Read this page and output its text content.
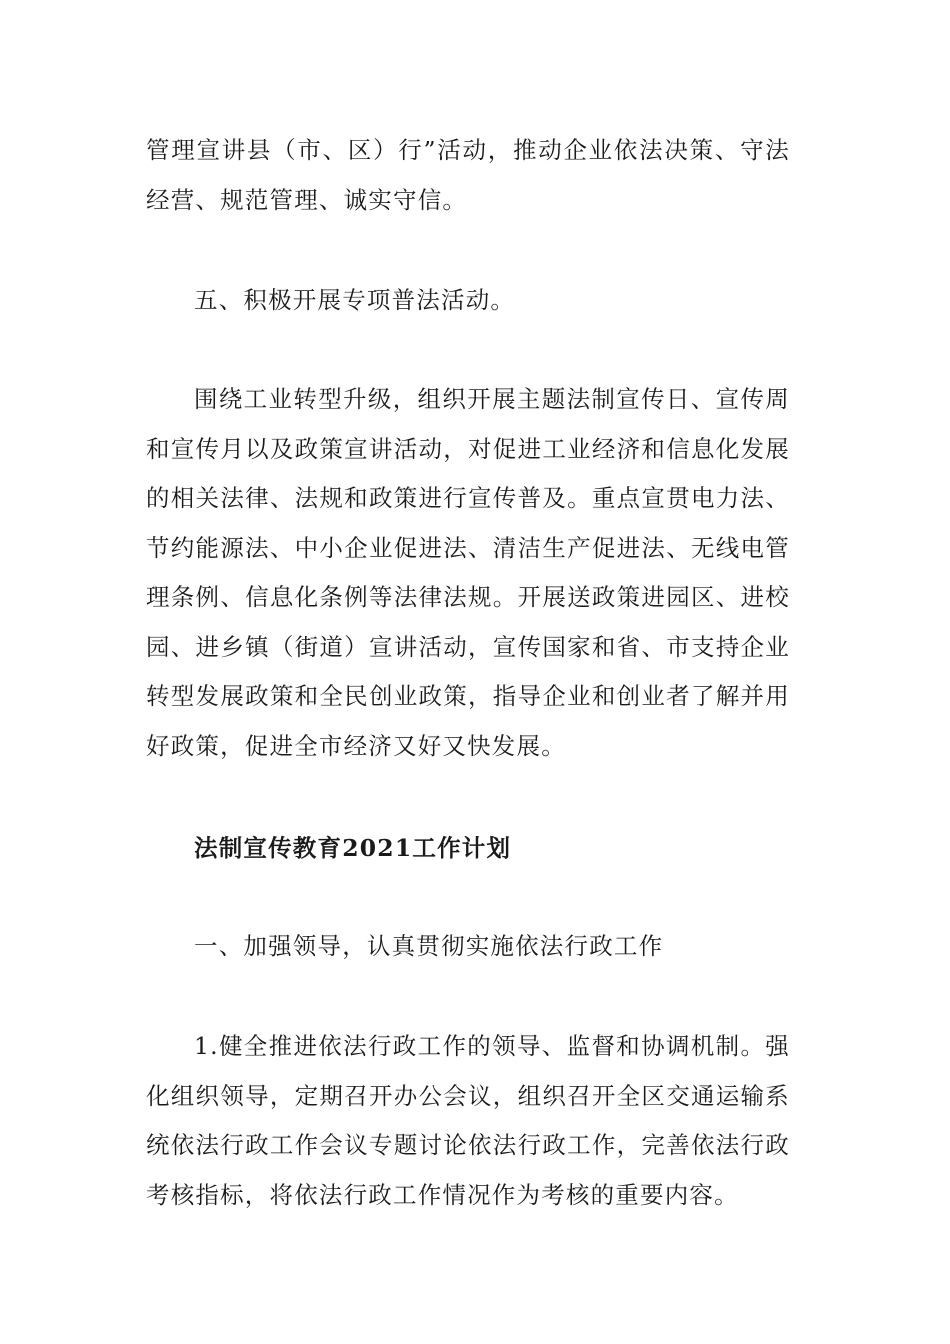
管理宣讲县（市、区）行”活动，推动企业依法决策、守法经营、规范管理、诚实守信。

五、积极开展专项普法活动。

围绕工业转型升级，组织开展主题法制宣传日、宣传周和宣传月以及政策宣讲活动，对促进工业经济和信息化发展的相关法律、法规和政策进行宣传普及。重点宣贯电力法、节约能源法、中小企业促进法、清洁生产促进法、无线电管理条例、信息化条例等法律法规。开展送政策进园区、进校园、进乡镇（街道）宣讲活动，宣传国家和省、市支持企业转型发展政策和全民创业政策，指导企业和创业者了解并用好政策，促进全市经济又好又快发展。

法制宣传教育2021工作计划

一、加强领导，认真贯彻实施依法行政工作

1.健全推进依法行政工作的领导、监督和协调机制。强化组织领导，定期召开办公会议，组织召开全区交通运输系统依法行政工作会议专题讨论依法行政工作，完善依法行政考核指标，将依法行政工作情况作为考核的重要内容。
